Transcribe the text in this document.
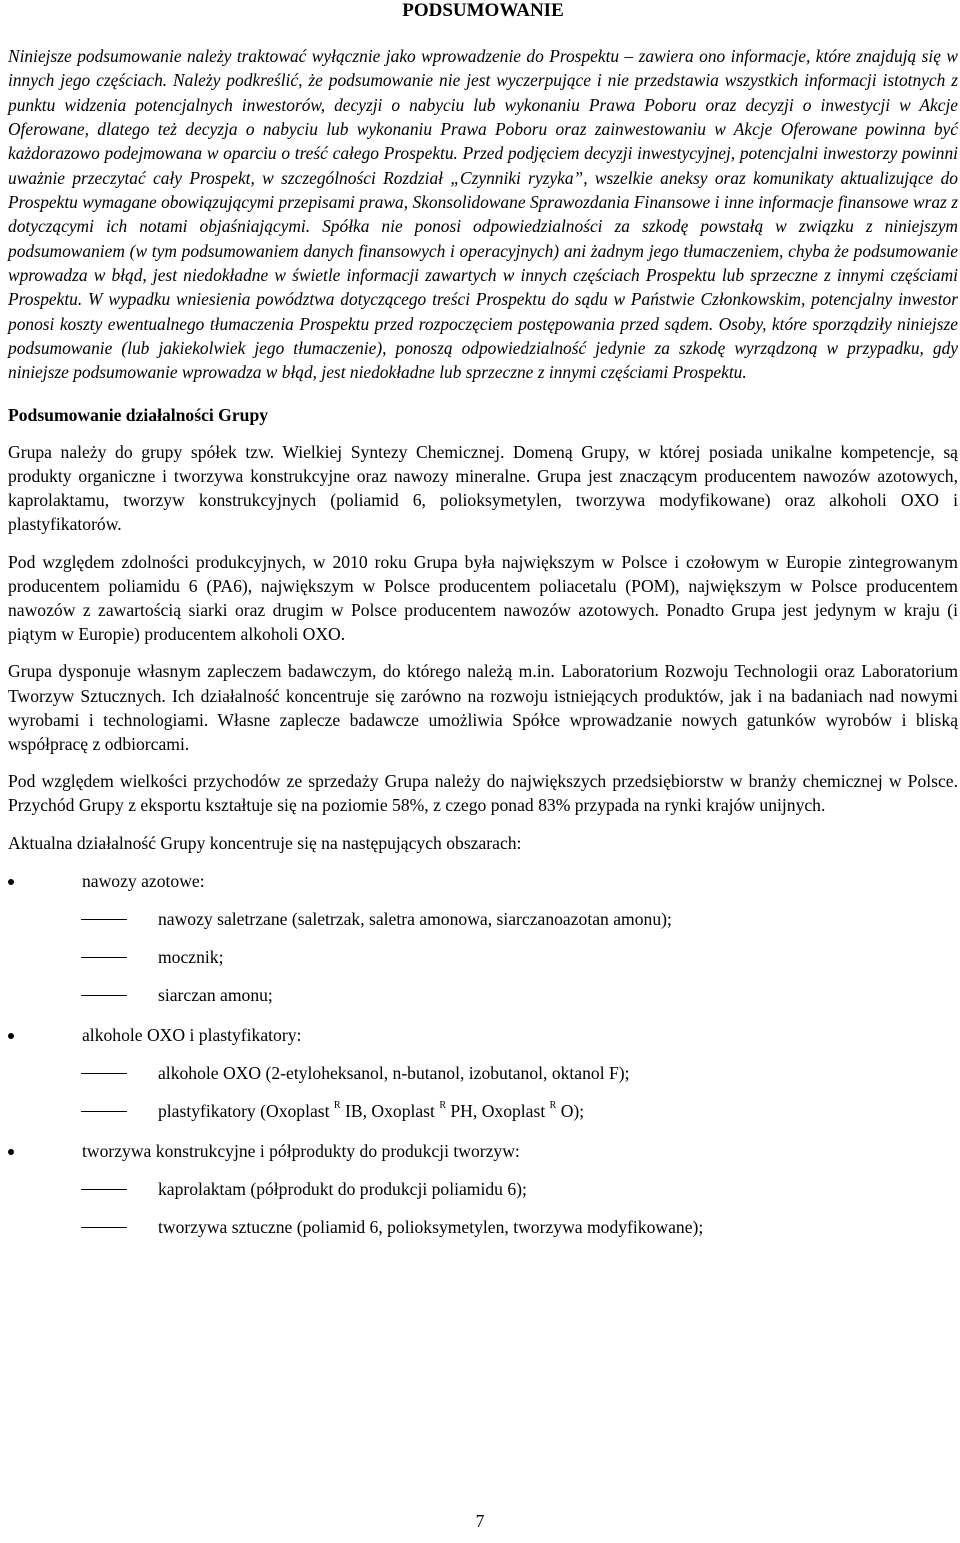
PODSUMOWANIE

Niniejsze podsumowanie należy traktować wyłącznie jako wprowadzenie do Prospektu – zawiera ono informacje, które znajdują się w innych jego częściach. Należy podkreślić, że podsumowanie nie jest wyczerpujące i nie przedstawia wszystkich informacji istotnych z punktu widzenia potencjalnych inwestorów, decyzji o nabyciu lub wykonaniu Prawa Poboru oraz decyzji o inwestycji w Akcje Oferowane, dlatego też decyzja o nabyciu lub wykonaniu Prawa Poboru oraz zainwestowaniu w Akcje Oferowane powinna być każdorazowo podejmowana w oparciu o treść całego Prospektu. Przed podjęciem decyzji inwestycyjnej, potencjalni inwestorzy powinni uważnie przeczytać cały Prospekt, w szczególności Rozdział „Czynniki ryzyka”, wszelkie aneksy oraz komunikaty aktualizujące do Prospektu wymagane obowiązującymi przepisami prawa, Skonsolidowane Sprawozdania Finansowe i inne informacje finansowe wraz z dotyczącymi ich notami objaśniającymi. Spółka nie ponosi odpowiedzialności za szkodę powstałą w związku z niniejszym podsumowaniem (w tym podsumowaniem danych finansowych i operacyjnych) ani żadnym jego tłumaczeniem, chyba że podsumowanie wprowadza w błąd, jest niedokładne w świetle informacji zawartych w innych częściach Prospektu lub sprzeczne z innymi częściami Prospektu. W wypadku wniesienia powództwa dotyczącego treści Prospektu do sądu w Państwie Członkowskim, potencjalny inwestor ponosi koszty ewentualnego tłumaczenia Prospektu przed rozpoczęciem postępowania przed sądem. Osoby, które sporządziły niniejsze podsumowanie (lub jakiekolwiek jego tłumaczenie), ponoszą odpowiedzialność jedynie za szkodę wyrządzoną w przypadku, gdy niniejsze podsumowanie wprowadza w błąd, jest niedokładne lub sprzeczne z innymi częściami Prospektu.

Podsumowanie działalności Grupy

Grupa należy do grupy spółek tzw. Wielkiej Syntezy Chemicznej. Domeną Grupy, w której posiada unikalne kompetencje, są produkty organiczne i tworzywa konstrukcyjne oraz nawozy mineralne. Grupa jest znaczącym producentem nawozów azotowych, kaprolaktamu, tworzyw konstrukcyjnych (poliamid 6, polioksymetylen, tworzywa modyfikowane) oraz alkoholi OXO i plastyfikatorów.

Pod względem zdolności produkcyjnych, w 2010 roku Grupa była największym w Polsce i czołowym w Europie zintegrowanym producentem poliamidu 6 (PA6), największym w Polsce producentem poliacetalu (POM), największym w Polsce producentem nawozów z zawartością siarki oraz drugim w Polsce producentem nawozów azotowych. Ponadto Grupa jest jedynym w kraju (i piątym w Europie) producentem alkoholi OXO.

Grupa dysponuje własnym zapleczem badawczym, do którego należą m.in. Laboratorium Rozwoju Technologii oraz Laboratorium Tworzyw Sztucznych. Ich działalność koncentruje się zarówno na rozwoju istniejących produktów, jak i na badaniach nad nowymi wyrobami i technologiami. Własne zaplecze badawcze umożliwia Spółce wprowadzanie nowych gatunków wyrobów i bliską współpracę z odbiorcami.

Pod względem wielkości przychodów ze sprzedaży Grupa należy do największych przedsiębiorstw w branży chemicznej w Polsce. Przychód Grupy z eksportu kształtuje się na poziomie 58%, z czego ponad 83% przypada na rynki krajów unijnych.

Aktualna działalność Grupy koncentruje się na następujących obszarach:

nawozy azotowe:
nawozy saletrzane (saletrzak, saletra amonowa, siarczanoazotan amonu);
mocznik;
siarczan amonu;
alkohole OXO i plastyfikatory:
alkohole OXO (2-etyloheksanol, n-butanol, izobutanol, oktanol F);
plastyfikatory (Oxoplast $^R$ IB, Oxoplast $^R$ PH, Oxoplast $^R$ O);
tworzywa konstrukcyjne i półprodukty do produkcji tworzyw:
kaprolaktam (półprodukt do produkcji poliamidu 6);
tworzywa sztuczne (poliamid 6, polioksymetylen, tworzywa modyfikowane);
7
